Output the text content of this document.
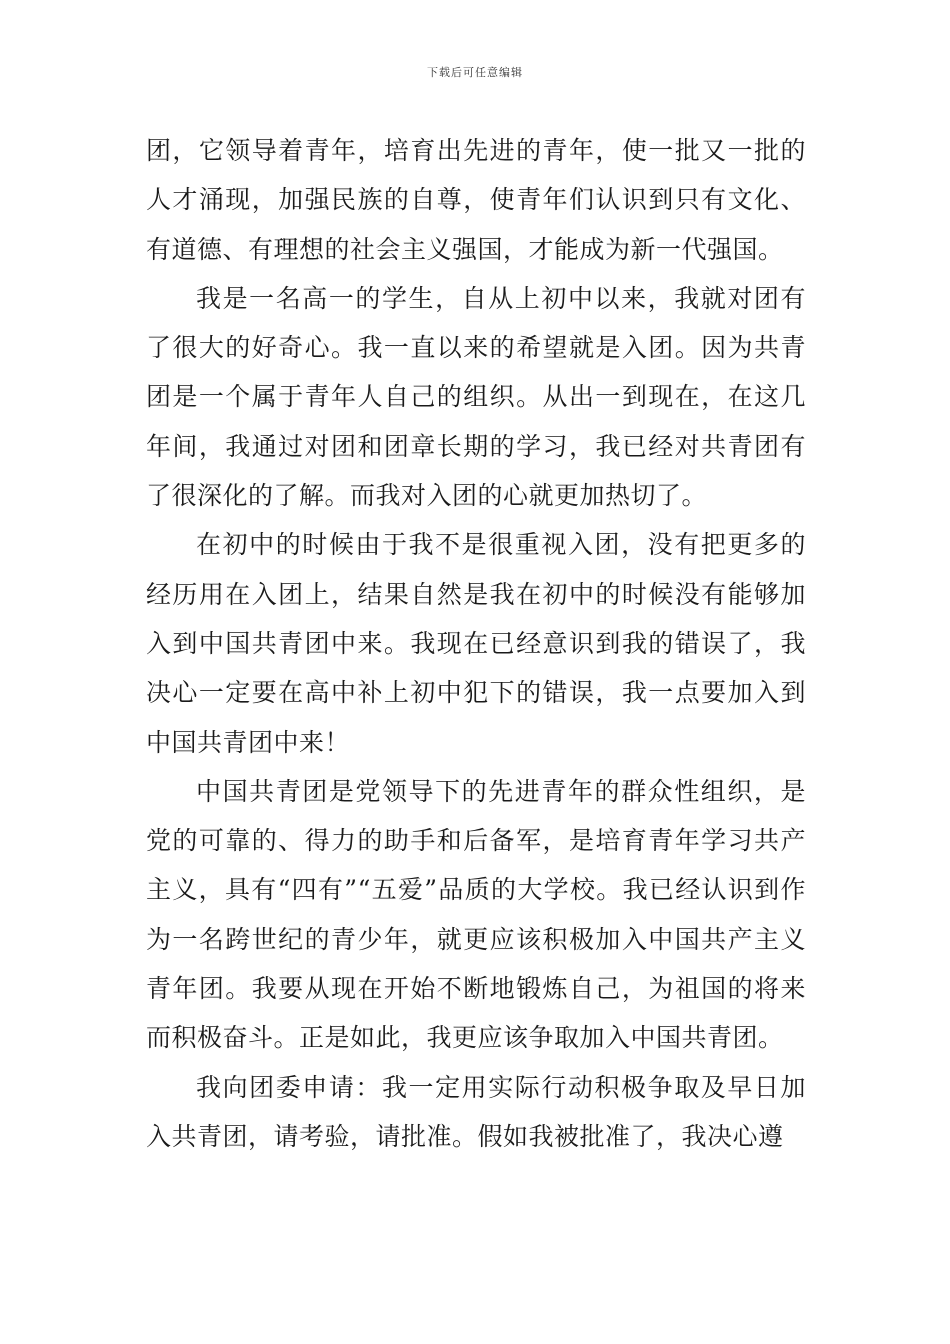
下载后可任意编辑

团，它领导着青年，培育出先进的青年，使一批又一批的人才涌现，加强民族的自尊，使青年们认识到只有文化、有道德、有理想的社会主义强国，才能成为新一代强国。

我是一名高一的学生，自从上初中以来，我就对团有了很大的好奇心。我一直以来的希望就是入团。因为共青团是一个属于青年人自己的组织。从出一到现在，在这几年间，我通过对团和团章长期的学习，我已经对共青团有了很深化的了解。而我对入团的心就更加热切了。

在初中的时候由于我不是很重视入团，没有把更多的经历用在入团上，结果自然是我在初中的时候没有能够加入到中国共青团中来。我现在已经意识到我的错误了，我决心一定要在高中补上初中犯下的错误，我一点要加入到中国共青团中来！

中国共青团是党领导下的先进青年的群众性组织，是党的可靠的、得力的助手和后备军，是培育青年学习共产主义，具有“四有”“五爱”品质的大学校。我已经认识到作为一名跨世纪的青少年，就更应该积极加入中国共产主义青年团。我要从现在开始不断地锻炼自己，为祖国的将来而积极奋斗。正是如此，我更应该争取加入中国共青团。

我向团委申请：我一定用实际行动积极争取及早日加入共青团，请考验，请批准。假如我被批准了，我决心遵
